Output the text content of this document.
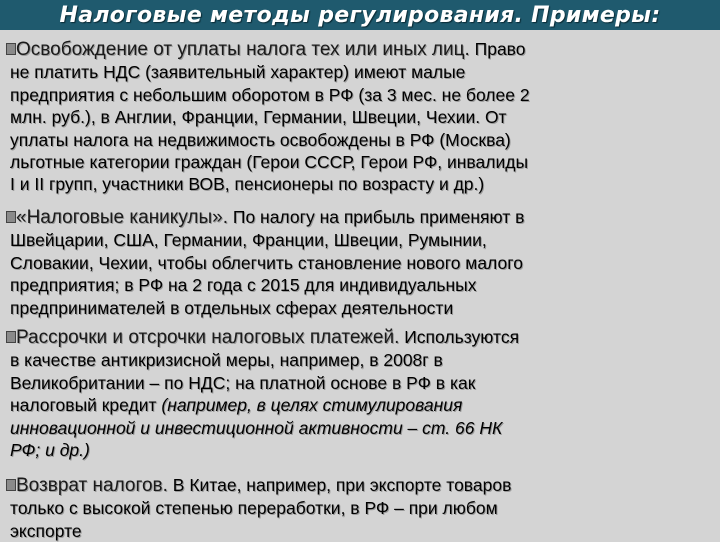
Налоговые методы регулирования. Примеры:
Освобождение от уплаты налога тех или иных лиц. Право
не платить НДС (заявительный характер) имеют малые
предприятия с небольшим оборотом в РФ (за 3 мес. не более 2
млн. руб.), в Англии, Франции, Германии, Швеции, Чехии. От
уплаты налога на недвижимость освобождены в РФ (Москва)
льготные категории граждан (Герои СССР, Герои РФ, инвалиды
I и II групп, участники ВОВ, пенсионеры по возрасту и др.)
«Налоговые каникулы». По налогу на прибыль применяют в
Швейцарии, США, Германии, Франции, Швеции, Румынии,
Словакии, Чехии, чтобы облегчить становление нового малого
предприятия; в РФ на 2 года с 2015 для индивидуальных
предпринимателей в отдельных сферах деятельности
Рассрочки и отсрочки налоговых платежей. Используются
в качестве антикризисной меры, например, в 2008г в
Великобритании – по НДС; на платной основе в РФ в как
налоговый кредит (например, в целях стимулирования
инновационной и инвестиционной активности – ст. 66 НК
РФ; и др.)
Возврат налогов. В Китае, например, при экспорте товаров
только с высокой степенью переработки, в РФ – при любом
экспорте
